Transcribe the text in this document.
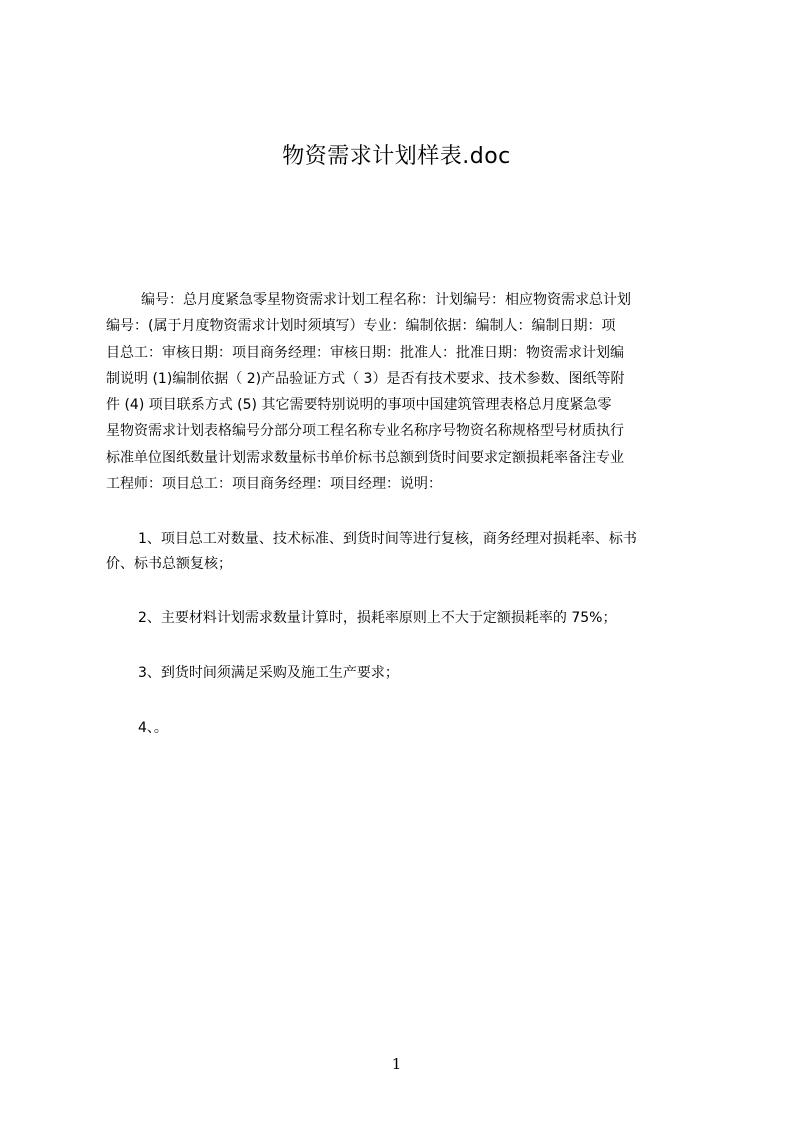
物资需求计划样表.doc
编号：总月度紧急零星物资需求计划工程名称：计划编号：相应物资需求总计划
编号：(属于月度物资需求计划时须填写）专业：编制依据：编制人：编制日期：项
目总工：审核日期：项目商务经理：审核日期：批准人：批准日期：物资需求计划编
制说明 (1)编制依据（ 2)产品验证方式（ 3）是否有技术要求、技术参数、图纸等附
件 (4) 项目联系方式 (5) 其它需要特别说明的事项中国建筑管理表格总月度紧急零
星物资需求计划表格编号分部分项工程名称专业名称序号物资名称规格型号材质执行
标准单位图纸数量计划需求数量标书单价标书总额到货时间要求定额损耗率备注专业
工程师：项目总工：项目商务经理：项目经理：说明：
1、项目总工对数量、技术标准、到货时间等进行复核，商务经理对损耗率、标书
价、标书总额复核；
2、主要材料计划需求数量计算时，损耗率原则上不大于定额损耗率的 75%；
3、到货时间须满足采购及施工生产要求；
4、。
1
